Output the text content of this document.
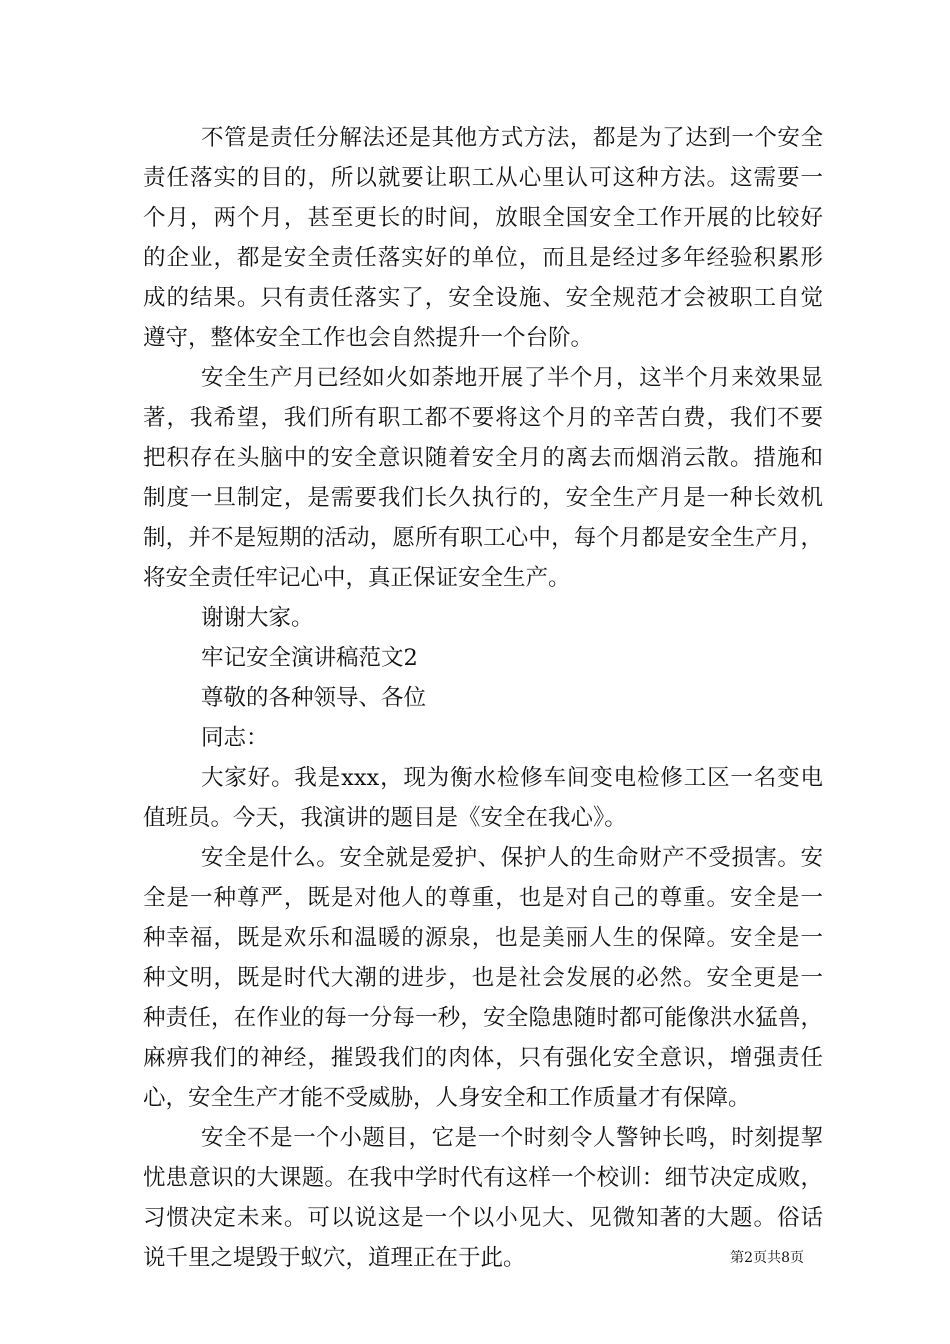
不管是责任分解法还是其他方式方法，都是为了达到一个安全
责任落实的目的，所以就要让职工从心里认可这种方法。这需要一
个月，两个月，甚至更长的时间，放眼全国安全工作开展的比较好
的企业，都是安全责任落实好的单位，而且是经过多年经验积累形
成的结果。只有责任落实了，安全设施、安全规范才会被职工自觉
遵守，整体安全工作也会自然提升一个台阶。
安全生产月已经如火如荼地开展了半个月，这半个月来效果显
著，我希望，我们所有职工都不要将这个月的辛苦白费，我们不要
把积存在头脑中的安全意识随着安全月的离去而烟消云散。措施和
制度一旦制定，是需要我们长久执行的，安全生产月是一种长效机
制，并不是短期的活动，愿所有职工心中，每个月都是安全生产月，
将安全责任牢记心中，真正保证安全生产。
谢谢大家。
牢记安全演讲稿范文2
尊敬的各种领导、各位
同志：
大家好。我是xxx，现为衡水检修车间变电检修工区一名变电
值班员。今天，我演讲的题目是《安全在我心》。
安全是什么。安全就是爱护、保护人的生命财产不受损害。安
全是一种尊严，既是对他人的尊重，也是对自己的尊重。安全是一
种幸福，既是欢乐和温暖的源泉，也是美丽人生的保障。安全是一
种文明，既是时代大潮的进步，也是社会发展的必然。安全更是一
种责任，在作业的每一分每一秒，安全隐患随时都可能像洪水猛兽，
麻痹我们的神经，摧毁我们的肉体，只有强化安全意识，增强责任
心，安全生产才能不受威胁，人身安全和工作质量才有保障。
安全不是一个小题目，它是一个时刻令人警钟长鸣，时刻提挈
忧患意识的大课题。在我中学时代有这样一个校训：细节决定成败，
习惯决定未来。可以说这是一个以小见大、见微知著的大题。俗话
说千里之堤毁于蚁穴，道理正在于此。	第2页共8页
